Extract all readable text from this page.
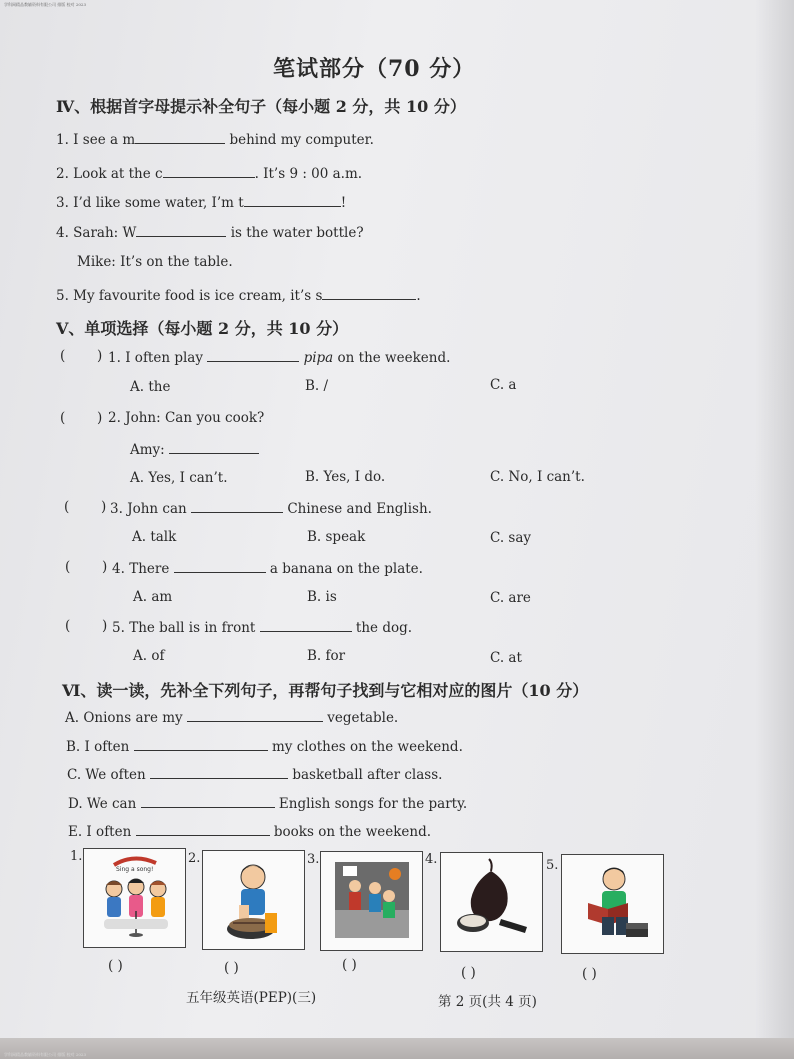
学科网精品教辅资料有限公司 排版 校对 2023
学科网精品教辅资料有限公司 排版 校对 2023
笔试部分（70 分）
Ⅳ、根据首字母提示补全句子（每小题 2 分，共 10 分）
1. I see a m	behind my computer.
2. Look at the c	. It’s 9 : 00 a.m.
3. I’d like some water, I’m t	!
4. Sarah: W	is the water bottle?
Mike: It’s on the table.
5. My favourite food is ice cream, it’s s	.
Ⅴ、单项选择（每小题 2 分，共 10 分）
( ) 1. I often play	pipa on the weekend.
A. the	B. /	C. a
( ) 2. John: Can you cook?
Amy:
A. Yes, I can’t.	B. Yes, I do.	C. No, I can’t.
( ) 3. John can	Chinese and English.
A. talk	B. speak	C. say
( ) 4. There	a banana on the plate.
A. am	B. is	C. are
( ) 5. The ball is in front	the dog.
A. of	B. for	C. at
Ⅵ、读一读，先补全下列句子，再帮句子找到与它相对应的图片（10 分）
A. Onions are my	vegetable.
B. I often	my clothes on the weekend.
C. We often	basketball after class.
D. We can	English songs for the party.
E. I often	books on the weekend.
1.	2.	3.	4.	5.
Sing a song!
( )	( )	( )	( )	( )
五年级英语(PEP)(三)	第 2 页(共 4 页)
